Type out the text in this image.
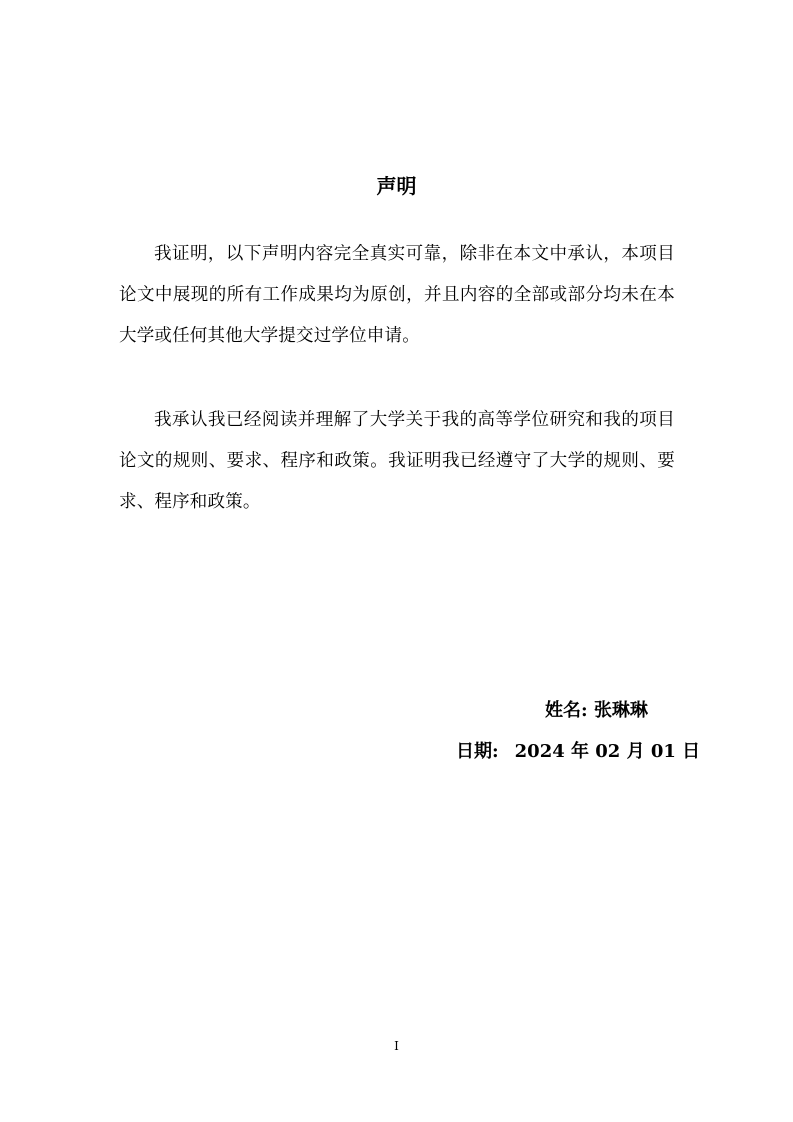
声明

我证明，以下声明内容完全真实可靠，除非在本文中承认，本项目论文中展现的所有工作成果均为原创，并且内容的全部或部分均未在本大学或任何其他大学提交过学位申请。

我承认我已经阅读并理解了大学关于我的高等学位研究和我的项目论文的规则、要求、程序和政策。我证明我已经遵守了大学的规则、要求、程序和政策。

姓名: 张琳琳
日期: 2024 年 02 月 01 日
I
